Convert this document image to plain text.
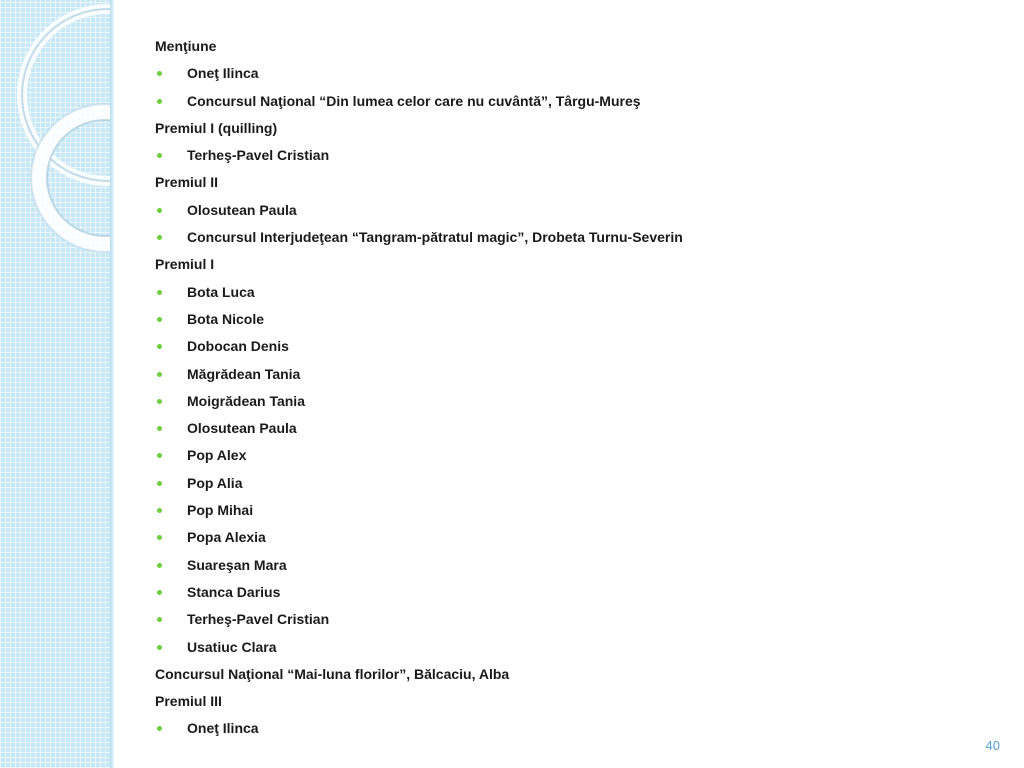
Menţiune
Oneţ Ilinca
Concursul Naţional “Din lumea celor care nu cuvântă”, Târgu-Mureş
Premiul I (quilling)
Terheş-Pavel Cristian
Premiul II
Olosutean Paula
Concursul Interjudeţean “Tangram-pătratul magic”, Drobeta Turnu-Severin
Premiul I
Bota Luca
Bota Nicole
Dobocan Denis
Măgrădean Tania
Moigrădean Tania
Olosutean Paula
Pop Alex
Pop Alia
Pop Mihai
Popa Alexia
Suareşan Mara
Stanca Darius
Terheş-Pavel Cristian
Usatiuc Clara
Concursul Naţional “Mai-luna florilor”, Bălcaciu, Alba
Premiul III
Oneţ Ilinca
40
